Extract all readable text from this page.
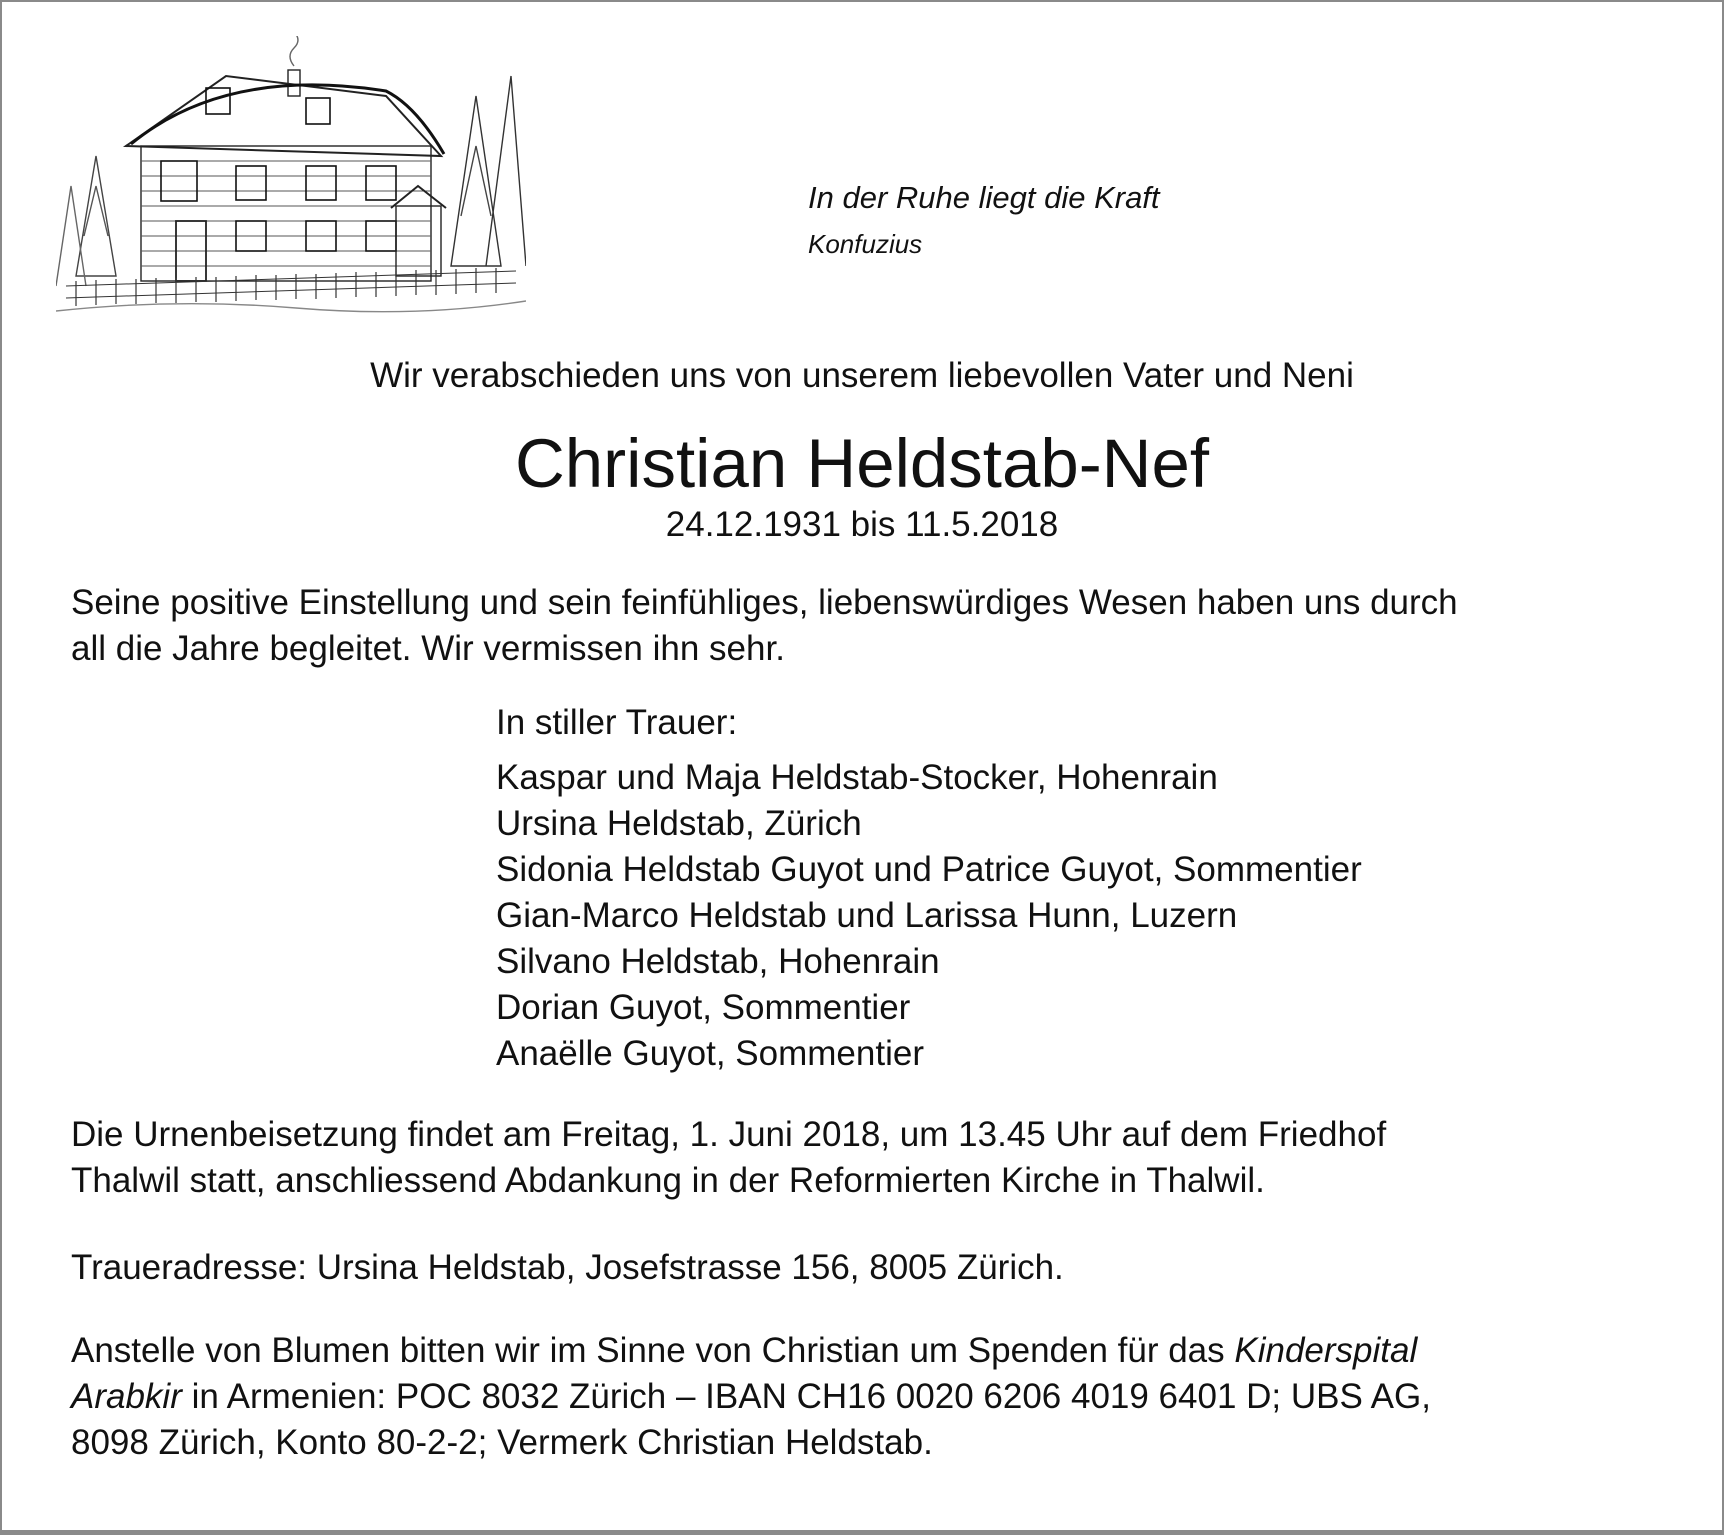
In der Ruhe liegt die Kraft
Konfuzius
Wir verabschieden uns von unserem liebevollen Vater und Neni
Christian Heldstab-Nef
24.12.1931 bis 11.5.2018

Seine positive Einstellung und sein feinfühliges, liebenswürdiges Wesen haben uns durch
all die Jahre begleitet. Wir vermissen ihn sehr.

In stiller Trauer:
Kaspar und Maja Heldstab-Stocker, Hohenrain
Ursina Heldstab, Zürich
Sidonia Heldstab Guyot und Patrice Guyot, Sommentier
Gian-Marco Heldstab und Larissa Hunn, Luzern
Silvano Heldstab, Hohenrain
Dorian Guyot, Sommentier
Anaëlle Guyot, Sommentier

Die Urnenbeisetzung findet am Freitag, 1. Juni 2018, um 13.45 Uhr auf dem Friedhof
Thalwil statt, anschliessend Abdankung in der Reformierten Kirche in Thalwil.

Traueradresse: Ursina Heldstab, Josefstrasse 156, 8005 Zürich.

Anstelle von Blumen bitten wir im Sinne von Christian um Spenden für das Kinderspital
Arabkir in Armenien: POC 8032 Zürich – IBAN CH16 0020 6206 4019 6401 D; UBS AG,
8098 Zürich, Konto 80-2-2; Vermerk Christian Heldstab.
